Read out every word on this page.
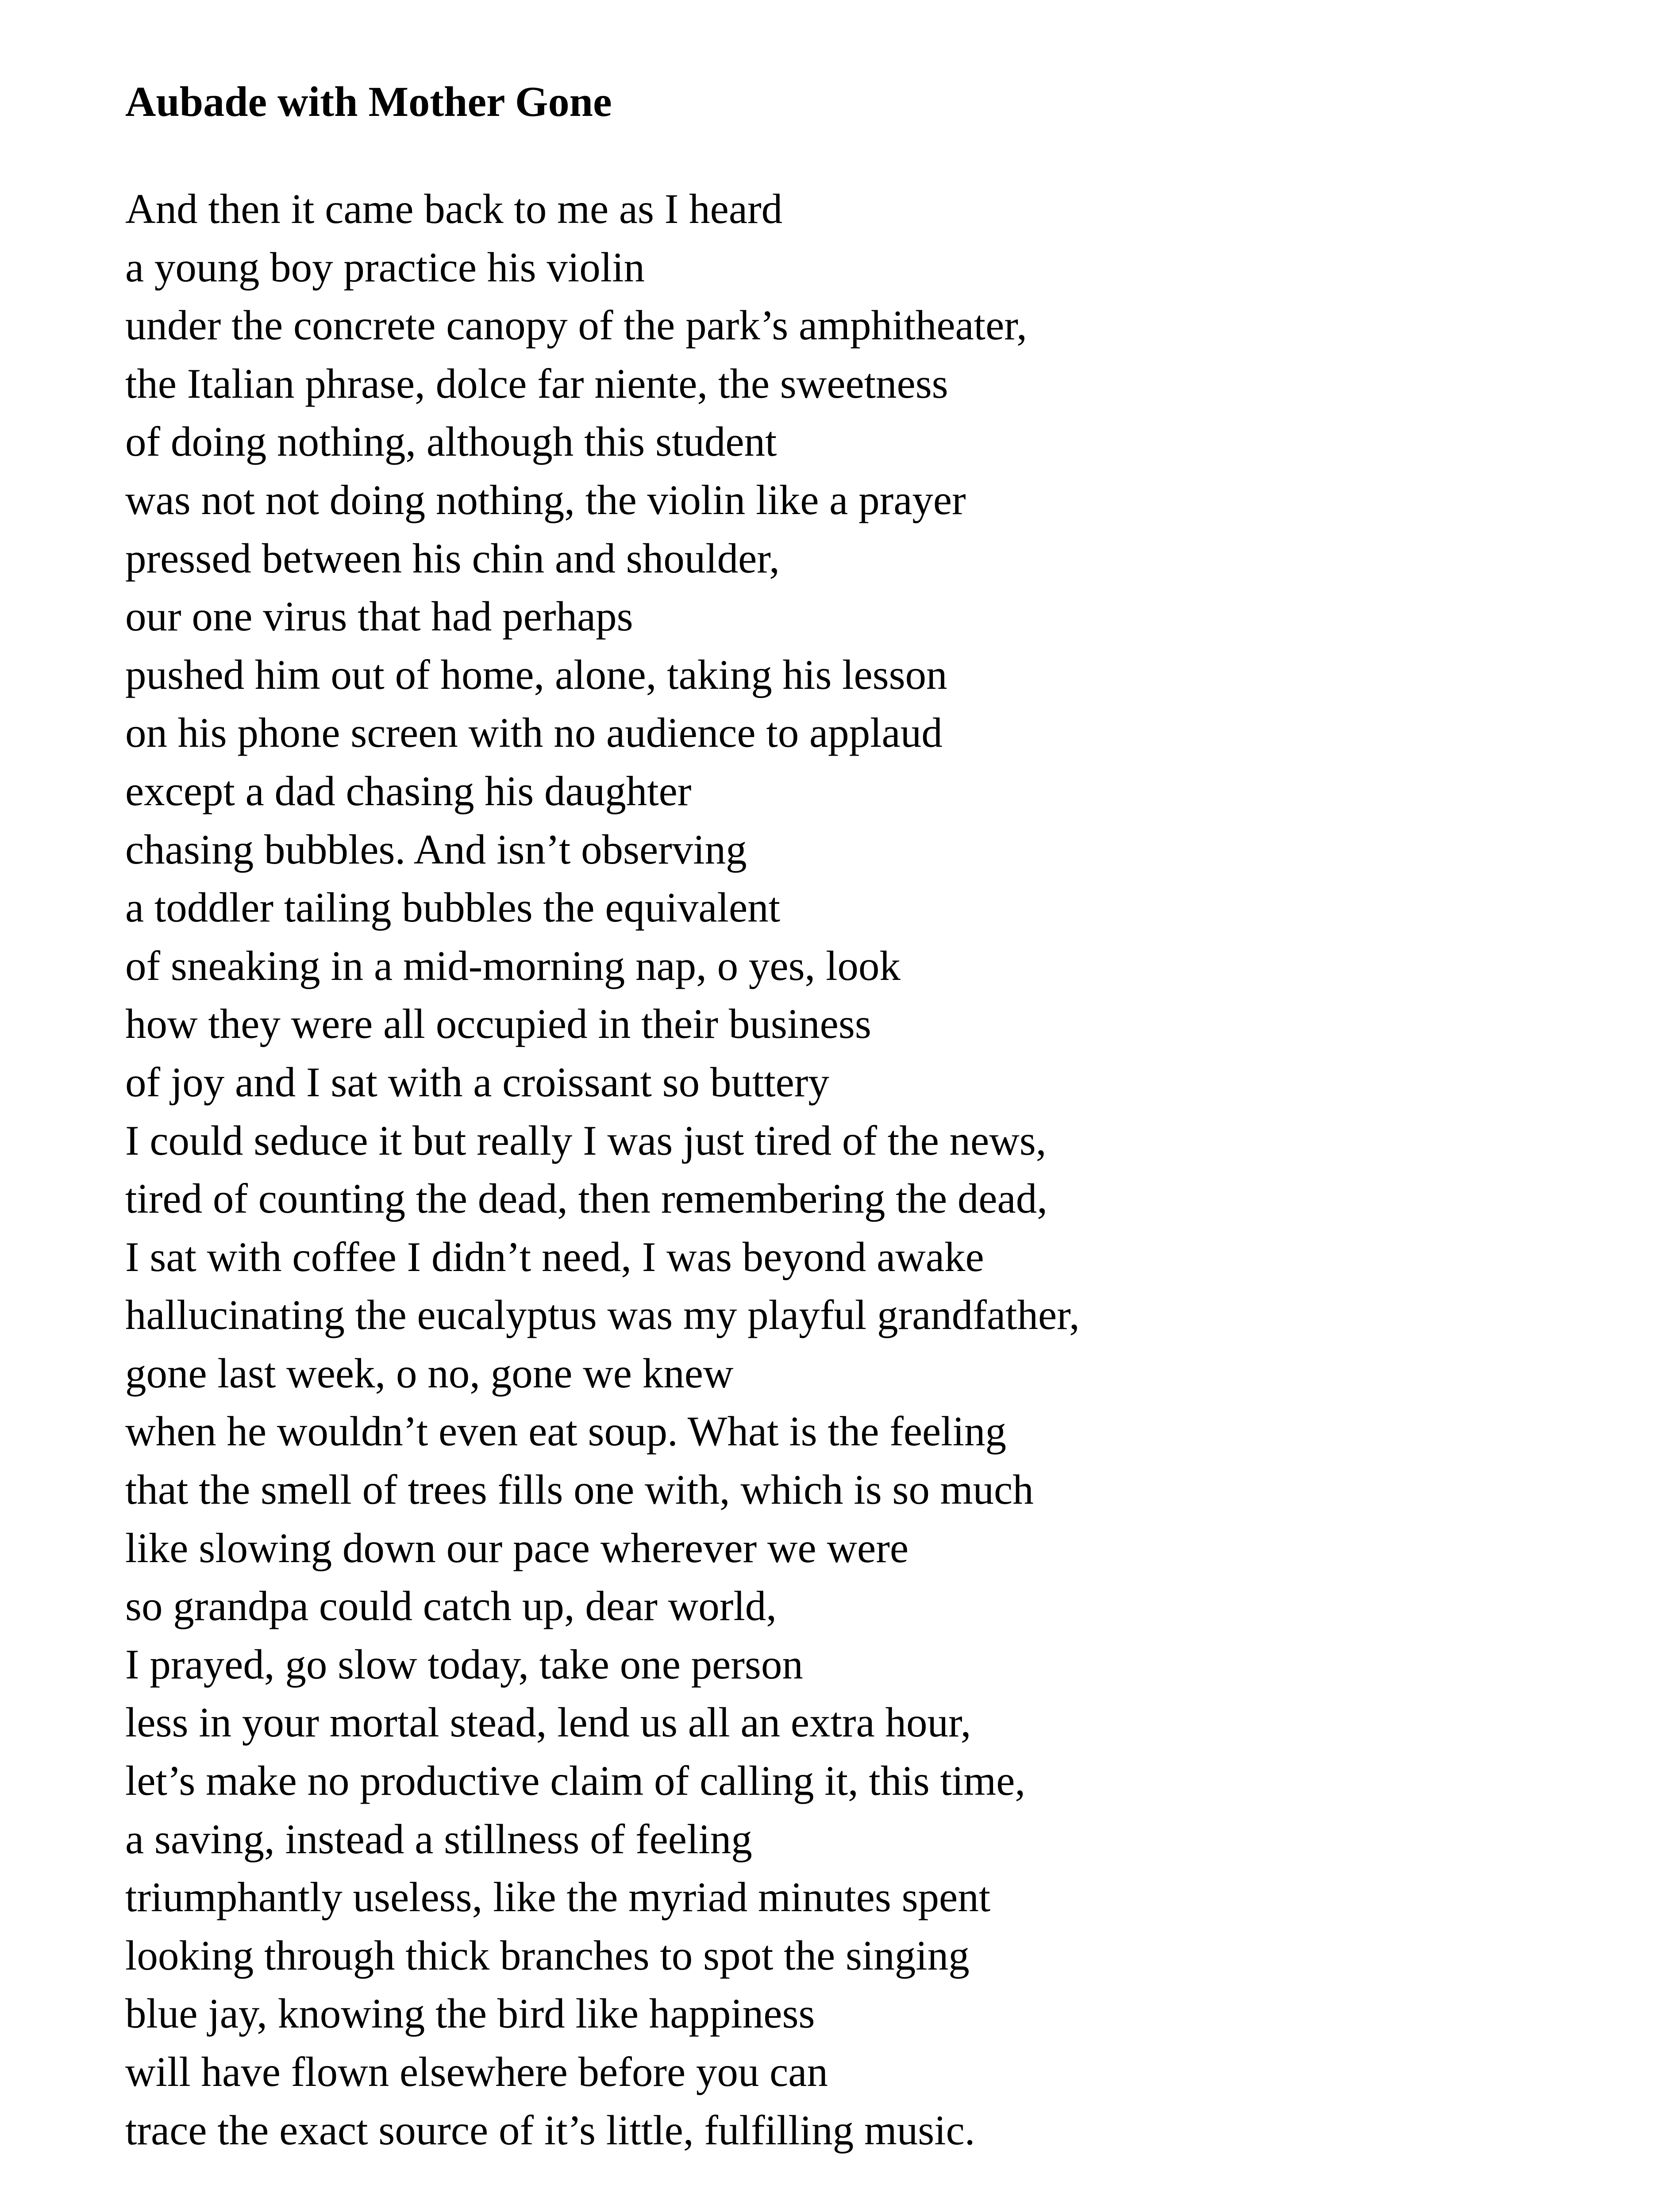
Aubade with Mother Gone
And then it came back to me as I heard
a young boy practice his violin
under the concrete canopy of the park’s amphitheater,
the Italian phrase, dolce far niente, the sweetness
of doing nothing, although this student
was not not doing nothing, the violin like a prayer
pressed between his chin and shoulder,
our one virus that had perhaps
pushed him out of home, alone, taking his lesson
on his phone screen with no audience to applaud
except a dad chasing his daughter
chasing bubbles. And isn’t observing
a toddler tailing bubbles the equivalent
of sneaking in a mid-morning nap, o yes, look
how they were all occupied in their business
of joy and I sat with a croissant so buttery
I could seduce it but really I was just tired of the news,
tired of counting the dead, then remembering the dead,
I sat with coffee I didn’t need, I was beyond awake
hallucinating the eucalyptus was my playful grandfather,
gone last week, o no, gone we knew
when he wouldn’t even eat soup. What is the feeling
that the smell of trees fills one with, which is so much
like slowing down our pace wherever we were
so grandpa could catch up, dear world,
I prayed, go slow today, take one person
less in your mortal stead, lend us all an extra hour,
let’s make no productive claim of calling it, this time,
a saving, instead a stillness of feeling
triumphantly useless, like the myriad minutes spent
looking through thick branches to spot the singing
blue jay, knowing the bird like happiness
will have flown elsewhere before you can
trace the exact source of it’s little, fulfilling music.
